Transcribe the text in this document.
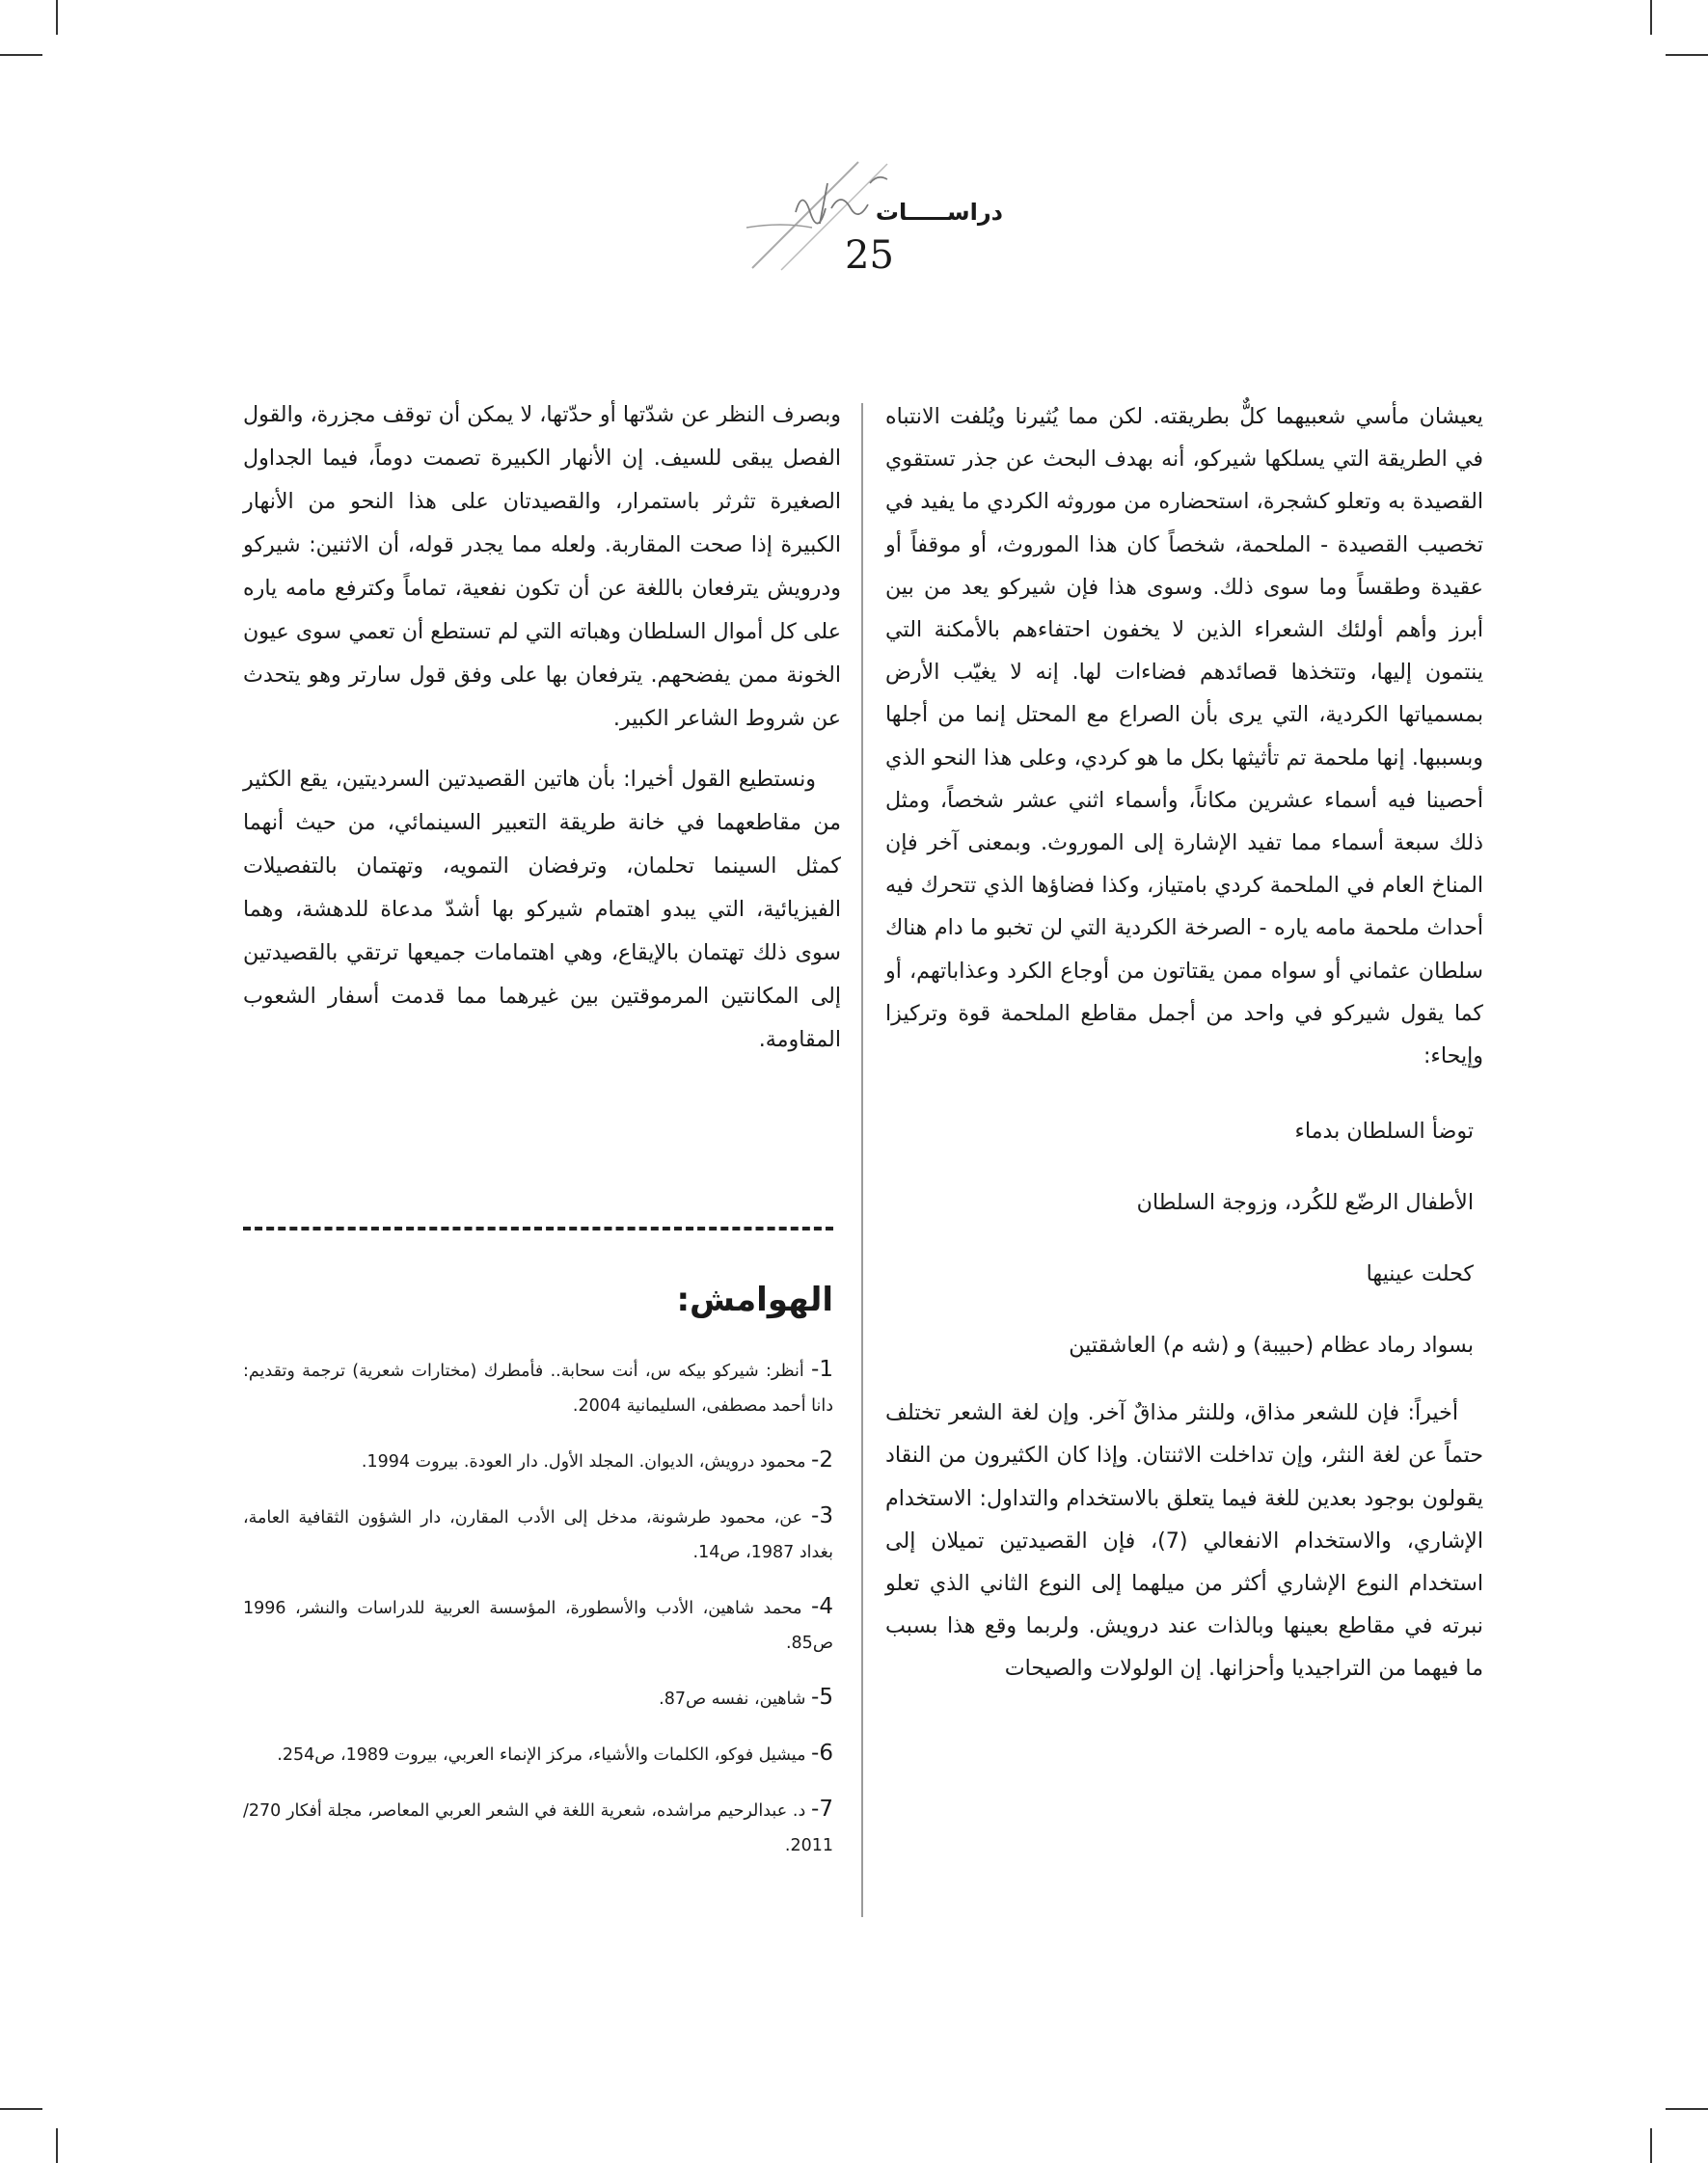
دراســـــات
25

يعيشان مأسي شعبيهما كلٌّ بطريقته. لكن مما يُثيرنا ويُلفت الانتباه في الطريقة التي يسلكها شيركو، أنه بهدف البحث عن جذر تستقوي القصيدة به وتعلو كشجرة، استحضاره من موروثه الكردي ما يفيد في تخصيب القصيدة - الملحمة، شخصاً كان هذا الموروث، أو موقفاً أو عقيدة وطقساً وما سوى ذلك. وسوى هذا فإن شيركو يعد من بين أبرز وأهم أولئك الشعراء الذين لا يخفون احتفاءهم بالأمكنة التي ينتمون إليها، وتتخذها قصائدهم فضاءات لها. إنه لا يغيّب الأرض بمسمياتها الكردية، التي يرى بأن الصراع مع المحتل إنما من أجلها وبسببها. إنها ملحمة تم تأثيثها بكل ما هو كردي، وعلى هذا النحو الذي أحصينا فيه أسماء عشرين مكاناً، وأسماء اثني عشر شخصاً، ومثل ذلك سبعة أسماء مما تفيد الإشارة إلى الموروث. وبمعنى آخر فإن المناخ العام في الملحمة كردي بامتياز، وكذا فضاؤها الذي تتحرك فيه أحداث ملحمة مامه ياره - الصرخة الكردية التي لن تخبو ما دام هناك سلطان عثماني أو سواه ممن يقتاتون من أوجاع الكرد وعذاباتهم، أو كما يقول شيركو في واحد من أجمل مقاطع الملحمة قوة وتركيزا وإيحاء:

توضأ السلطان بدماء
الأطفال الرضّع للكُرد، وزوجة السلطان
كحلت عينيها
بسواد رماد عظام (حبيبة) و (شه م) العاشقتين

أخيراً: فإن للشعر مذاق، وللنثر مذاقٌ آخر. وإن لغة الشعر تختلف حتماً عن لغة النثر، وإن تداخلت الاثنتان. وإذا كان الكثيرون من النقاد يقولون بوجود بعدين للغة فيما يتعلق بالاستخدام والتداول: الاستخدام الإشاري، والاستخدام الانفعالي (7)، فإن القصيدتين تميلان إلى استخدام النوع الإشاري أكثر من ميلهما إلى النوع الثاني الذي تعلو نبرته في مقاطع بعينها وبالذات عند درويش. ولربما وقع هذا بسبب ما فيهما من التراجيديا وأحزانها. إن الولولات والصيحات

وبصرف النظر عن شدّتها أو حدّتها، لا يمكن أن توقف مجزرة، والقول الفصل يبقى للسيف. إن الأنهار الكبيرة تصمت دوماً، فيما الجداول الصغيرة تثرثر باستمرار، والقصيدتان على هذا النحو من الأنهار الكبيرة إذا صحت المقاربة. ولعله مما يجدر قوله، أن الاثنين: شيركو ودرويش يترفعان باللغة عن أن تكون نفعية، تماماً وكترفع مامه ياره على كل أموال السلطان وهباته التي لم تستطع أن تعمي سوى عيون الخونة ممن يفضحهم. يترفعان بها على وفق قول سارتر وهو يتحدث عن شروط الشاعر الكبير.

ونستطيع القول أخيرا: بأن هاتين القصيدتين السرديتين، يقع الكثير من مقاطعهما في خانة طريقة التعبير السينمائي، من حيث أنهما كمثل السينما تحلمان، وترفضان التمويه، وتهتمان بالتفصيلات الفيزيائية، التي يبدو اهتمام شيركو بها أشدّ مدعاة للدهشة، وهما سوى ذلك تهتمان بالإيقاع، وهي اهتمامات جميعها ترتقي بالقصيدتين إلى المكانتين المرموقتين بين غيرهما مما قدمت أسفار الشعوب المقاومة.

الهوامش:

1- أنظر: شيركو بيكه س، أنت سحابة.. فأمطرك (مختارات شعرية) ترجمة وتقديم: دانا أحمد مصطفى، السليمانية 2004.

2- محمود درويش، الديوان. المجلد الأول. دار العودة. بيروت 1994.

3- عن، محمود طرشونة، مدخل إلى الأدب المقارن، دار الشؤون الثقافية العامة، بغداد 1987، ص14.

4- محمد شاهين، الأدب والأسطورة، المؤسسة العربية للدراسات والنشر، 1996 ص85.

5- شاهين، نفسه ص87.

6- ميشيل فوكو، الكلمات والأشياء، مركز الإنماء العربي، بيروت 1989، ص254.

7- د. عبدالرحيم مراشده، شعرية اللغة في الشعر العربي المعاصر، مجلة أفكار 270/ 2011.
